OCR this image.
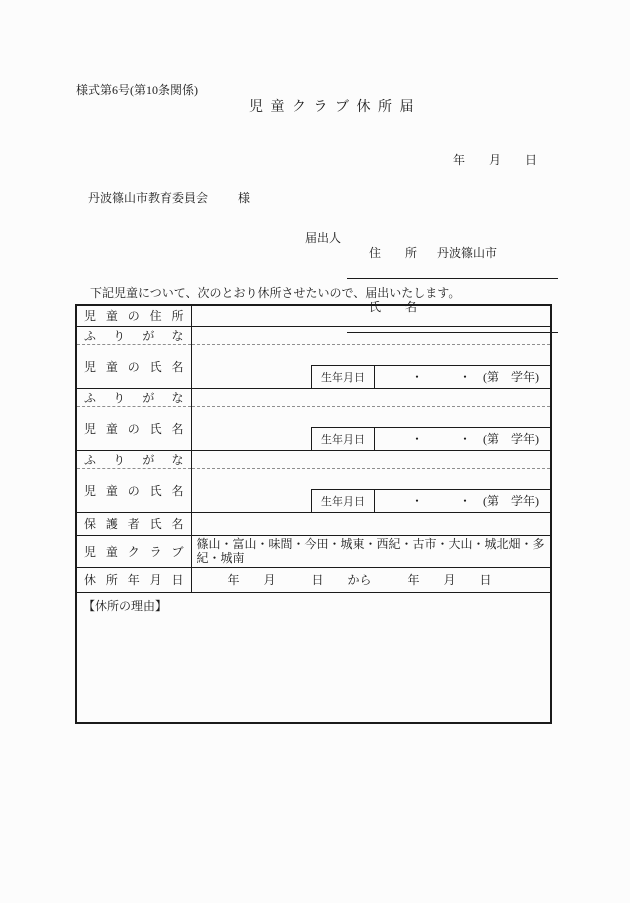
様式第6号(第10条関係)
児 童 ク ラ ブ 休 所 届
年　　月　　日
丹波篠山市教育委員会	様
届出人

住　　所 丹波篠山市

氏　　名

下記児童について、次のとおり休所させたいので、届出いたします。
児 童 の 住 所	
ふ り が な	
児 童 の 氏 名	生年月日 　　　・　　　・　(第　学年)

ふ り が な	
児 童 の 氏 名	生年月日 　　　・　　　・　(第　学年)

ふ り が な	
児 童 の 氏 名	生年月日 　　　・　　　・　(第　学年)

保 護 者 氏 名	
児 童 ク ラ ブ	篠山・富山・味間・今田・城東・西紀・古市・大山・城北畑・多紀・城南
休 所 年 月 日	　　　年　　月　　　日　　から　　　年　　月　　日
【休所の理由】	
